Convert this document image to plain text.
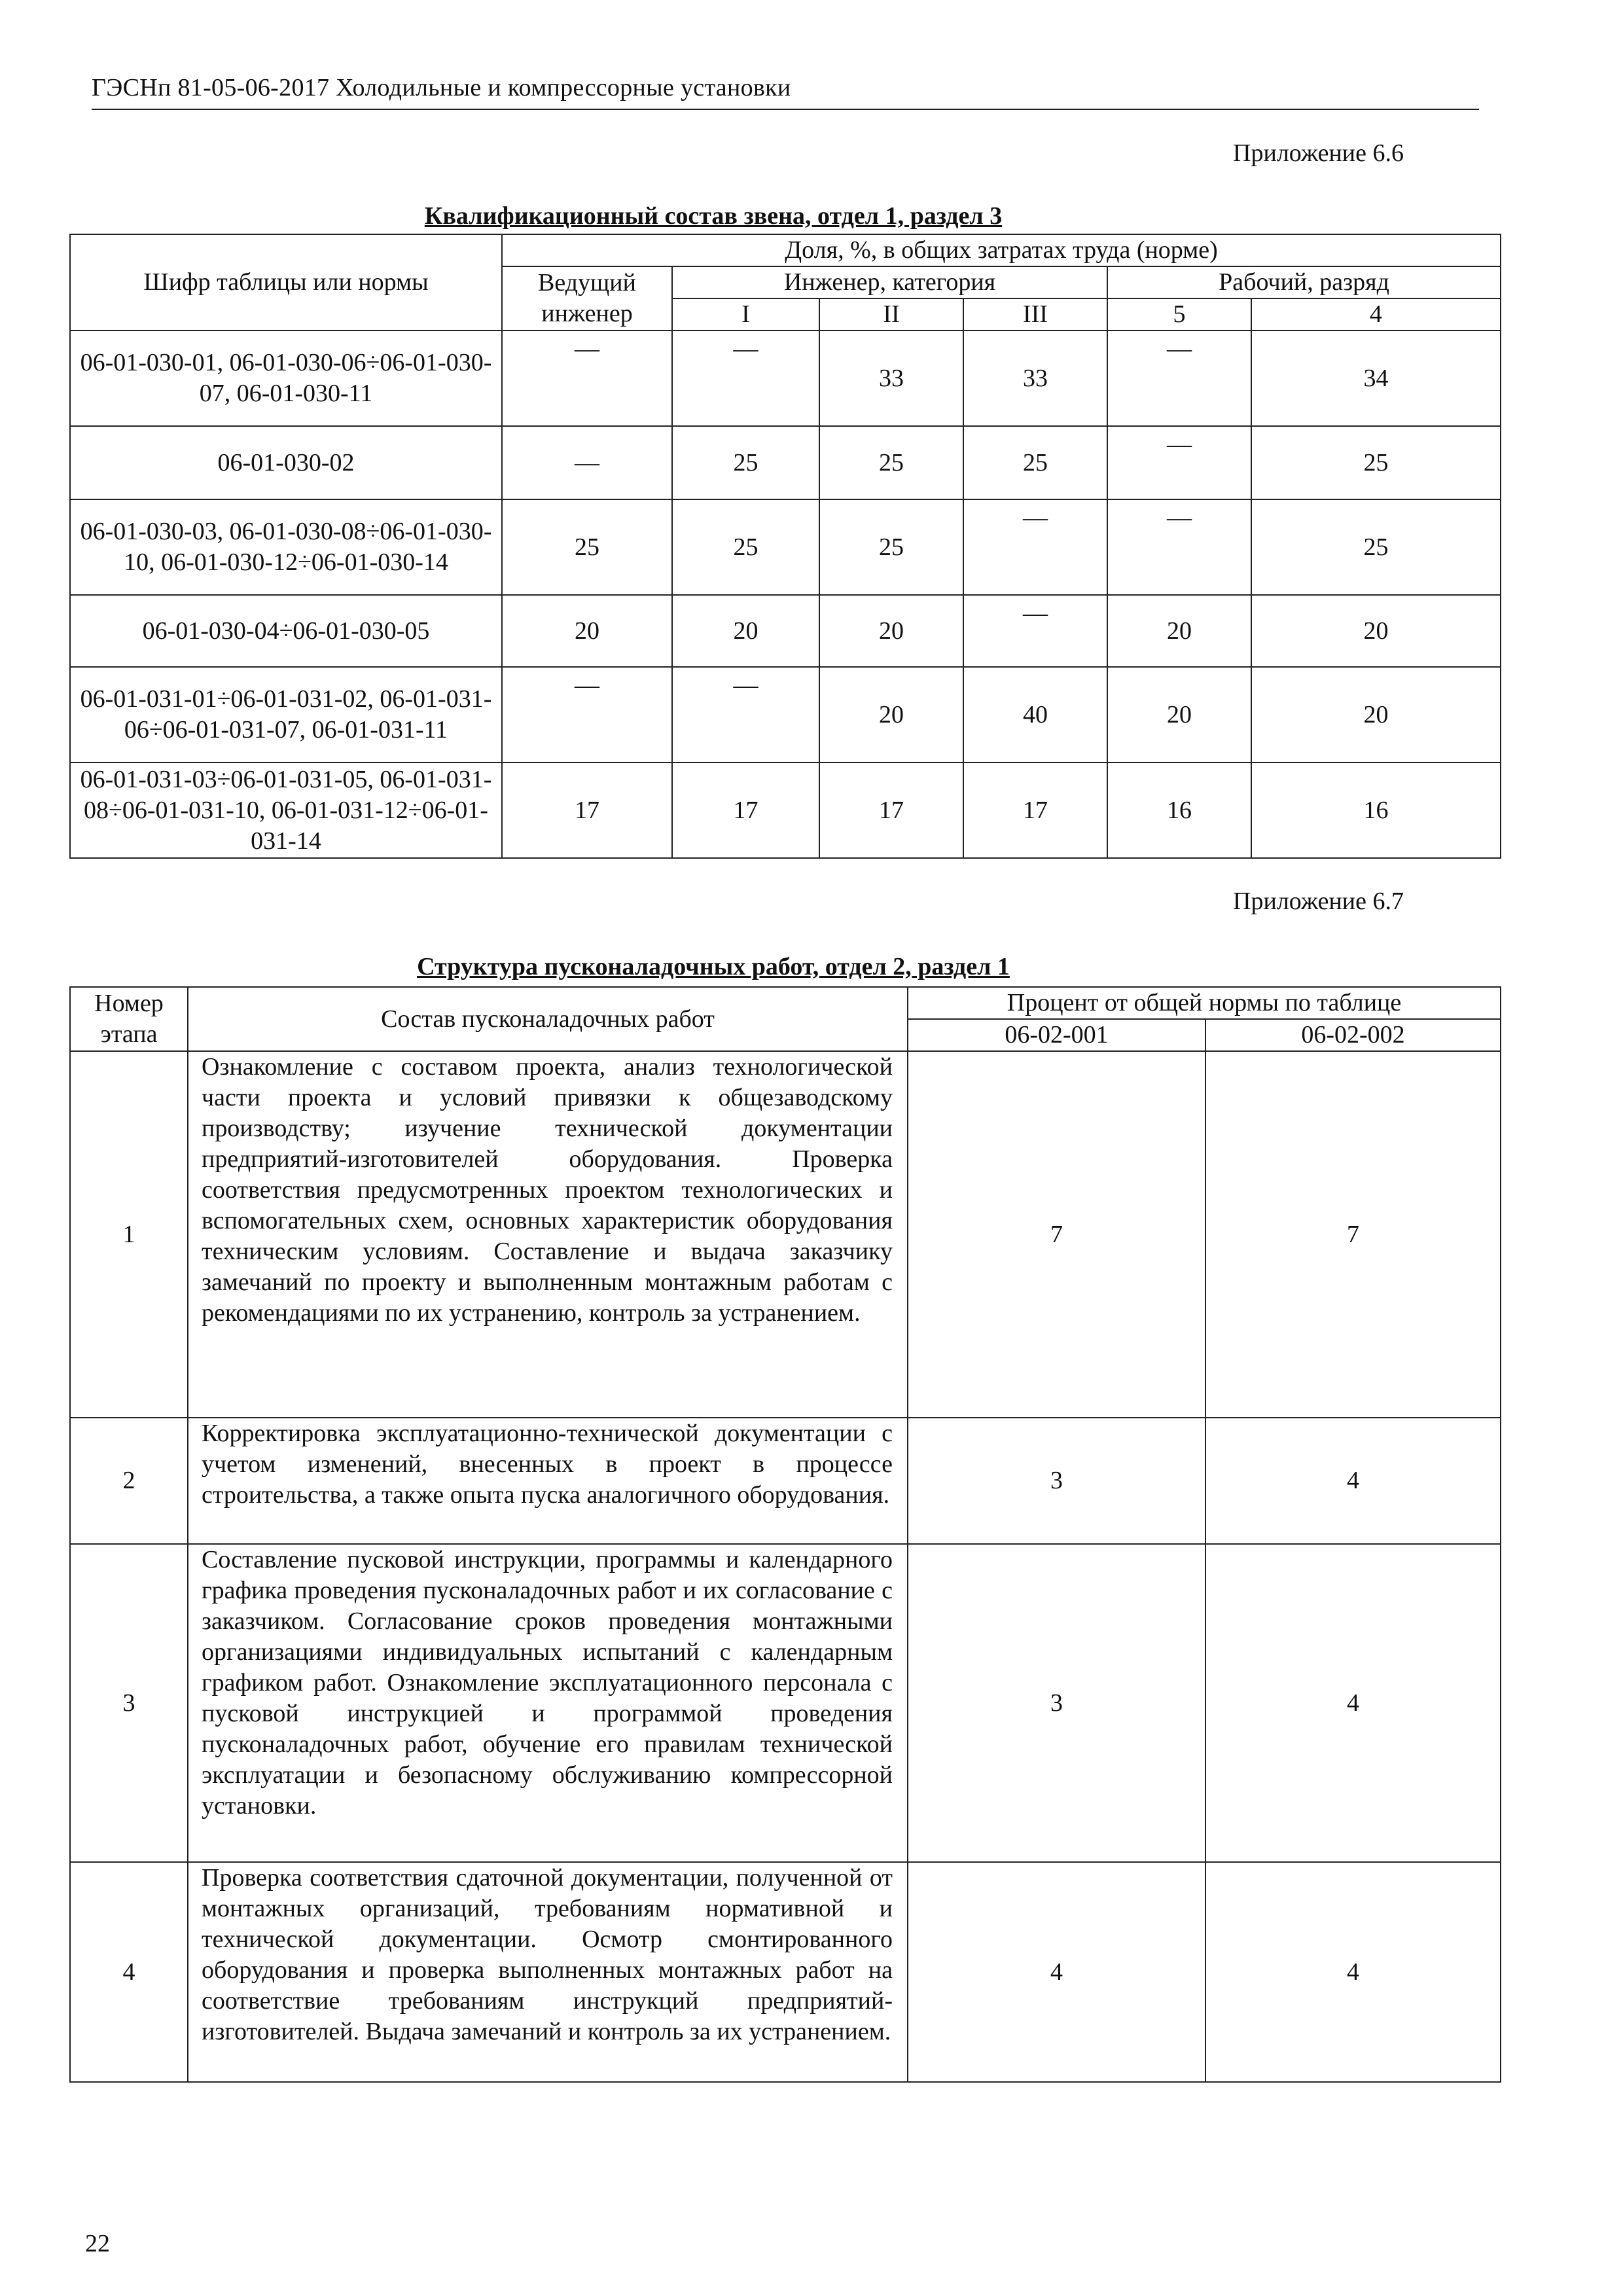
ГЭСНп 81-05-06-2017 Холодильные и компрессорные установки
Приложение 6.6
Квалификационный состав звена, отдел 1, раздел 3
Шифр таблицы или нормы	Доля, %, в общих затратах труда (норме)					
	Ведущий инженер	Инженер, категория			Рабочий, разряд	
		I	II	III	5	4
06-01-030-01, 06-01-030-06÷06-01-030-07, 06-01-030-11	—	—	33	33	—	34
06-01-030-02	—	25	25	25	—	25
06-01-030-03, 06-01-030-08÷06-01-030-10, 06-01-030-12÷06-01-030-14	25	25	25	—	—	25
06-01-030-04÷06-01-030-05	20	20	20	—	20	20
06-01-031-01÷06-01-031-02, 06-01-031-06÷06-01-031-07, 06-01-031-11	—	—	20	40	20	20
06-01-031-03÷06-01-031-05, 06-01-031-08÷06-01-031-10, 06-01-031-12÷06-01-031-14	17	17	17	17	16	16
Приложение 6.7
Структура пусконаладочных работ, отдел 2, раздел 1
Номер этапа	Состав пусконаладочных работ	Процент от общей нормы по таблице	
		06-02-001	06-02-002
1	Ознакомление с составом проекта, анализ технологической части проекта и условий привязки к общезаводскому производству; изучение технической документации предприятий-изготовителей оборудования. Проверка соответствия предусмотренных проектом технологических и вспомогательных схем, основных характеристик оборудования техническим условиям. Составление и выдача заказчику замечаний по проекту и выполненным монтажным работам с рекомендациями по их устранению, контроль за устранением.	7	7
2	Корректировка эксплуатационно-технической документации с учетом изменений, внесенных в проект в процессе строительства, а также опыта пуска аналогичного оборудования.	3	4
3	Составление пусковой инструкции, программы и календарного графика проведения пусконаладочных работ и их согласование с заказчиком. Согласование сроков проведения монтажными организациями индивидуальных испытаний с календарным графиком работ. Ознакомление эксплуатационного персонала с пусковой инструкцией и программой проведения пусконаладочных работ, обучение его правилам технической эксплуатации и безопасному обслуживанию компрессорной установки.	3	4
4	Проверка соответствия сдаточной документации, полученной от монтажных организаций, требованиям нормативной и технической документации. Осмотр смонтированного оборудования и проверка выполненных монтажных работ на соответствие требованиям инструкций предприятий-изготовителей. Выдача замечаний и контроль за их устранением.	4	4
22
